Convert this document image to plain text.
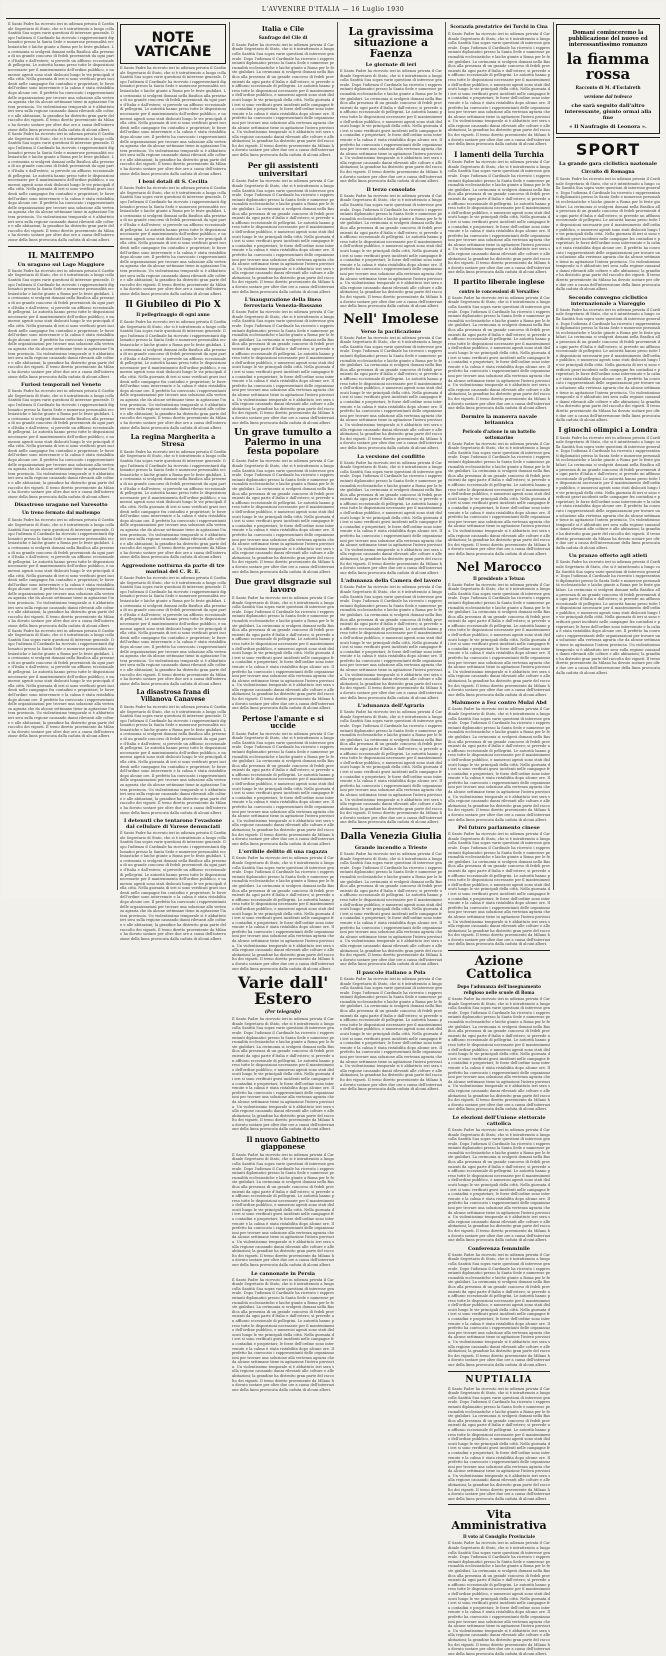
L'AVVENIRE D'ITALIA — 16 Luglio 1930
Il Santo Padre ha ricevuto ieri in udienza privata il Cardinale Segretario di Stato, che si è intrattenuto a lungo colla Santità Sua sopra varie questioni di interesse generale. Dopo l'udienza il Cardinale ha ricevuto i rappresentanti diplomatici presso la Santa Sede e numerose personalità ecclesiastiche e laiche giunte a Roma per le feste giubilari. La cerimonia si svolgerà domani nella Basilica alla presenza di un grande concorso di fedeli provenienti da ogni parte d'Italia e dall'estero; si prevede un afflusso eccezionale di pellegrini. Le autorità hanno preso tutte le disposizioni necessarie per il mantenimento dell'ordine pubblico, e numerosi agenti sono stati dislocati lungo le vie principali della città. Nella giornata di ieri si sono verificati gravi incidenti nelle campagne fra contadini e proprietari; le forze dell'ordine sono intervenute e la calma è stata ristabilita dopo alcune ore. Il prefetto ha convocato i rappresentanti delle organizzazioni per trovare una soluzione alla vertenza agraria che da alcune settimane tiene in agitazione l'intera provincia. Un violentissimo temporale si è abbattuto ieri sera sulla regione causando danni rilevanti alle colture e alle abitazioni; la grandine ha distrutto gran parte del raccolto dei vigneti. Il treno diretto proveniente da Milano ha dovuto sostare per oltre due ore a causa dell'interruzione della linea provocata dalla caduta di alcuni alberi.
Il Santo Padre ha ricevuto ieri in udienza privata il Cardinale Segretario di Stato, che si è intrattenuto a lungo colla Santità Sua sopra varie questioni di interesse generale. Dopo l'udienza il Cardinale ha ricevuto i rappresentanti diplomatici presso la Santa Sede e numerose personalità ecclesiastiche e laiche giunte a Roma per le feste giubilari. La cerimonia si svolgerà domani nella Basilica alla presenza di un grande concorso di fedeli provenienti da ogni parte d'Italia e dall'estero; si prevede un afflusso eccezionale di pellegrini. Le autorità hanno preso tutte le disposizioni necessarie per il mantenimento dell'ordine pubblico, e numerosi agenti sono stati dislocati lungo le vie principali della città. Nella giornata di ieri si sono verificati gravi incidenti nelle campagne fra contadini e proprietari; le forze dell'ordine sono intervenute e la calma è stata ristabilita dopo alcune ore. Il prefetto ha convocato i rappresentanti delle organizzazioni per trovare una soluzione alla vertenza agraria che da alcune settimane tiene in agitazione l'intera provincia. Un violentissimo temporale si è abbattuto ieri sera sulla regione causando danni rilevanti alle colture e alle abitazioni; la grandine ha distrutto gran parte del raccolto dei vigneti. Il treno diretto proveniente da Milano ha dovuto sostare per oltre due ore a causa dell'interruzione della linea provocata dalla caduta di alcuni alberi.
IL MALTEMPO
Un uragano sul Lago Maggiore
Il Santo Padre ha ricevuto ieri in udienza privata il Cardinale Segretario di Stato, che si è intrattenuto a lungo colla Santità Sua sopra varie questioni di interesse generale. Dopo l'udienza il Cardinale ha ricevuto i rappresentanti diplomatici presso la Santa Sede e numerose personalità ecclesiastiche e laiche giunte a Roma per le feste giubilari. La cerimonia si svolgerà domani nella Basilica alla presenza di un grande concorso di fedeli provenienti da ogni parte d'Italia e dall'estero; si prevede un afflusso eccezionale di pellegrini. Le autorità hanno preso tutte le disposizioni necessarie per il mantenimento dell'ordine pubblico, e numerosi agenti sono stati dislocati lungo le vie principali della città. Nella giornata di ieri si sono verificati gravi incidenti nelle campagne fra contadini e proprietari; le forze dell'ordine sono intervenute e la calma è stata ristabilita dopo alcune ore. Il prefetto ha convocato i rappresentanti delle organizzazioni per trovare una soluzione alla vertenza agraria che da alcune settimane tiene in agitazione l'intera provincia. Un violentissimo temporale si è abbattuto ieri sera sulla regione causando danni rilevanti alle colture e alle abitazioni; la grandine ha distrutto gran parte del raccolto dei vigneti. Il treno diretto proveniente da Milano ha dovuto sostare per oltre due ore a causa dell'interruzione della linea provocata dalla caduta di alcuni alberi.
Furiosi temporali nel Veneto
Il Santo Padre ha ricevuto ieri in udienza privata il Cardinale Segretario di Stato, che si è intrattenuto a lungo colla Santità Sua sopra varie questioni di interesse generale. Dopo l'udienza il Cardinale ha ricevuto i rappresentanti diplomatici presso la Santa Sede e numerose personalità ecclesiastiche e laiche giunte a Roma per le feste giubilari. La cerimonia si svolgerà domani nella Basilica alla presenza di un grande concorso di fedeli provenienti da ogni parte d'Italia e dall'estero; si prevede un afflusso eccezionale di pellegrini. Le autorità hanno preso tutte le disposizioni necessarie per il mantenimento dell'ordine pubblico, e numerosi agenti sono stati dislocati lungo le vie principali della città. Nella giornata di ieri si sono verificati gravi incidenti nelle campagne fra contadini e proprietari; le forze dell'ordine sono intervenute e la calma è stata ristabilita dopo alcune ore. Il prefetto ha convocato i rappresentanti delle organizzazioni per trovare una soluzione alla vertenza agraria che da alcune settimane tiene in agitazione l'intera provincia. Un violentissimo temporale si è abbattuto ieri sera sulla regione causando danni rilevanti alle colture e alle abitazioni; la grandine ha distrutto gran parte del raccolto dei vigneti. Il treno diretto proveniente da Milano ha dovuto sostare per oltre due ore a causa dell'interruzione della linea provocata dalla caduta di alcuni alberi.
Disastroso uragano nel Varesotto
Un treno fermato dal maltempo
Il Santo Padre ha ricevuto ieri in udienza privata il Cardinale Segretario di Stato, che si è intrattenuto a lungo colla Santità Sua sopra varie questioni di interesse generale. Dopo l'udienza il Cardinale ha ricevuto i rappresentanti diplomatici presso la Santa Sede e numerose personalità ecclesiastiche e laiche giunte a Roma per le feste giubilari. La cerimonia si svolgerà domani nella Basilica alla presenza di un grande concorso di fedeli provenienti da ogni parte d'Italia e dall'estero; si prevede un afflusso eccezionale di pellegrini. Le autorità hanno preso tutte le disposizioni necessarie per il mantenimento dell'ordine pubblico, e numerosi agenti sono stati dislocati lungo le vie principali della città. Nella giornata di ieri si sono verificati gravi incidenti nelle campagne fra contadini e proprietari; le forze dell'ordine sono intervenute e la calma è stata ristabilita dopo alcune ore. Il prefetto ha convocato i rappresentanti delle organizzazioni per trovare una soluzione alla vertenza agraria che da alcune settimane tiene in agitazione l'intera provincia. Un violentissimo temporale si è abbattuto ieri sera sulla regione causando danni rilevanti alle colture e alle abitazioni; la grandine ha distrutto gran parte del raccolto dei vigneti. Il treno diretto proveniente da Milano ha dovuto sostare per oltre due ore a causa dell'interruzione della linea provocata dalla caduta di alcuni alberi.
Il Santo Padre ha ricevuto ieri in udienza privata il Cardinale Segretario di Stato, che si è intrattenuto a lungo colla Santità Sua sopra varie questioni di interesse generale. Dopo l'udienza il Cardinale ha ricevuto i rappresentanti diplomatici presso la Santa Sede e numerose personalità ecclesiastiche e laiche giunte a Roma per le feste giubilari. La cerimonia si svolgerà domani nella Basilica alla presenza di un grande concorso di fedeli provenienti da ogni parte d'Italia e dall'estero; si prevede un afflusso eccezionale di pellegrini. Le autorità hanno preso tutte le disposizioni necessarie per il mantenimento dell'ordine pubblico, e numerosi agenti sono stati dislocati lungo le vie principali della città. Nella giornata di ieri si sono verificati gravi incidenti nelle campagne fra contadini e proprietari; le forze dell'ordine sono intervenute e la calma è stata ristabilita dopo alcune ore. Il prefetto ha convocato i rappresentanti delle organizzazioni per trovare una soluzione alla vertenza agraria che da alcune settimane tiene in agitazione l'intera provincia. Un violentissimo temporale si è abbattuto ieri sera sulla regione causando danni rilevanti alle colture e alle abitazioni; la grandine ha distrutto gran parte del raccolto dei vigneti. Il treno diretto proveniente da Milano ha dovuto sostare per oltre due ore a causa dell'interruzione della linea provocata dalla caduta di alcuni alberi.
NOTE VATICANE
Il Santo Padre ha ricevuto ieri in udienza privata il Cardinale Segretario di Stato, che si è intrattenuto a lungo colla Santità Sua sopra varie questioni di interesse generale. Dopo l'udienza il Cardinale ha ricevuto i rappresentanti diplomatici presso la Santa Sede e numerose personalità ecclesiastiche e laiche giunte a Roma per le feste giubilari. La cerimonia si svolgerà domani nella Basilica alla presenza di un grande concorso di fedeli provenienti da ogni parte d'Italia e dall'estero; si prevede un afflusso eccezionale di pellegrini. Le autorità hanno preso tutte le disposizioni necessarie per il mantenimento dell'ordine pubblico, e numerosi agenti sono stati dislocati lungo le vie principali della città. Nella giornata di ieri si sono verificati gravi incidenti nelle campagne fra contadini e proprietari; le forze dell'ordine sono intervenute e la calma è stata ristabilita dopo alcune ore. Il prefetto ha convocato i rappresentanti delle organizzazioni per trovare una soluzione alla vertenza agraria che da alcune settimane tiene in agitazione l'intera provincia. Un violentissimo temporale si è abbattuto ieri sera sulla regione causando danni rilevanti alle colture e alle abitazioni; la grandine ha distrutto gran parte del raccolto dei vigneti. Il treno diretto proveniente da Milano ha dovuto sostare per oltre due ore a causa dell'interruzione della linea provocata dalla caduta di alcuni alberi.
I beni dotali di S. Cecilia
Il Santo Padre ha ricevuto ieri in udienza privata il Cardinale Segretario di Stato, che si è intrattenuto a lungo colla Santità Sua sopra varie questioni di interesse generale. Dopo l'udienza il Cardinale ha ricevuto i rappresentanti diplomatici presso la Santa Sede e numerose personalità ecclesiastiche e laiche giunte a Roma per le feste giubilari. La cerimonia si svolgerà domani nella Basilica alla presenza di un grande concorso di fedeli provenienti da ogni parte d'Italia e dall'estero; si prevede un afflusso eccezionale di pellegrini. Le autorità hanno preso tutte le disposizioni necessarie per il mantenimento dell'ordine pubblico, e numerosi agenti sono stati dislocati lungo le vie principali della città. Nella giornata di ieri si sono verificati gravi incidenti nelle campagne fra contadini e proprietari; le forze dell'ordine sono intervenute e la calma è stata ristabilita dopo alcune ore. Il prefetto ha convocato i rappresentanti delle organizzazioni per trovare una soluzione alla vertenza agraria che da alcune settimane tiene in agitazione l'intera provincia. Un violentissimo temporale si è abbattuto ieri sera sulla regione causando danni rilevanti alle colture e alle abitazioni; la grandine ha distrutto gran parte del raccolto dei vigneti. Il treno diretto proveniente da Milano ha dovuto sostare per oltre due ore a causa dell'interruzione della linea provocata dalla caduta di alcuni alberi.
Il Giubileo di Pio X
Il pellegrinaggio di ogni anno
Il Santo Padre ha ricevuto ieri in udienza privata il Cardinale Segretario di Stato, che si è intrattenuto a lungo colla Santità Sua sopra varie questioni di interesse generale. Dopo l'udienza il Cardinale ha ricevuto i rappresentanti diplomatici presso la Santa Sede e numerose personalità ecclesiastiche e laiche giunte a Roma per le feste giubilari. La cerimonia si svolgerà domani nella Basilica alla presenza di un grande concorso di fedeli provenienti da ogni parte d'Italia e dall'estero; si prevede un afflusso eccezionale di pellegrini. Le autorità hanno preso tutte le disposizioni necessarie per il mantenimento dell'ordine pubblico, e numerosi agenti sono stati dislocati lungo le vie principali della città. Nella giornata di ieri si sono verificati gravi incidenti nelle campagne fra contadini e proprietari; le forze dell'ordine sono intervenute e la calma è stata ristabilita dopo alcune ore. Il prefetto ha convocato i rappresentanti delle organizzazioni per trovare una soluzione alla vertenza agraria che da alcune settimane tiene in agitazione l'intera provincia. Un violentissimo temporale si è abbattuto ieri sera sulla regione causando danni rilevanti alle colture e alle abitazioni; la grandine ha distrutto gran parte del raccolto dei vigneti. Il treno diretto proveniente da Milano ha dovuto sostare per oltre due ore a causa dell'interruzione della linea provocata dalla caduta di alcuni alberi.
La regina Margherita a Stresa
Il Santo Padre ha ricevuto ieri in udienza privata il Cardinale Segretario di Stato, che si è intrattenuto a lungo colla Santità Sua sopra varie questioni di interesse generale. Dopo l'udienza il Cardinale ha ricevuto i rappresentanti diplomatici presso la Santa Sede e numerose personalità ecclesiastiche e laiche giunte a Roma per le feste giubilari. La cerimonia si svolgerà domani nella Basilica alla presenza di un grande concorso di fedeli provenienti da ogni parte d'Italia e dall'estero; si prevede un afflusso eccezionale di pellegrini. Le autorità hanno preso tutte le disposizioni necessarie per il mantenimento dell'ordine pubblico, e numerosi agenti sono stati dislocati lungo le vie principali della città. Nella giornata di ieri si sono verificati gravi incidenti nelle campagne fra contadini e proprietari; le forze dell'ordine sono intervenute e la calma è stata ristabilita dopo alcune ore. Il prefetto ha convocato i rappresentanti delle organizzazioni per trovare una soluzione alla vertenza agraria che da alcune settimane tiene in agitazione l'intera provincia. Un violentissimo temporale si è abbattuto ieri sera sulla regione causando danni rilevanti alle colture e alle abitazioni; la grandine ha distrutto gran parte del raccolto dei vigneti. Il treno diretto proveniente da Milano ha dovuto sostare per oltre due ore a causa dell'interruzione della linea provocata dalla caduta di alcuni alberi.
Aggressione notturna da parte di tre marinai del C. R. E.
Il Santo Padre ha ricevuto ieri in udienza privata il Cardinale Segretario di Stato, che si è intrattenuto a lungo colla Santità Sua sopra varie questioni di interesse generale. Dopo l'udienza il Cardinale ha ricevuto i rappresentanti diplomatici presso la Santa Sede e numerose personalità ecclesiastiche e laiche giunte a Roma per le feste giubilari. La cerimonia si svolgerà domani nella Basilica alla presenza di un grande concorso di fedeli provenienti da ogni parte d'Italia e dall'estero; si prevede un afflusso eccezionale di pellegrini. Le autorità hanno preso tutte le disposizioni necessarie per il mantenimento dell'ordine pubblico, e numerosi agenti sono stati dislocati lungo le vie principali della città. Nella giornata di ieri si sono verificati gravi incidenti nelle campagne fra contadini e proprietari; le forze dell'ordine sono intervenute e la calma è stata ristabilita dopo alcune ore. Il prefetto ha convocato i rappresentanti delle organizzazioni per trovare una soluzione alla vertenza agraria che da alcune settimane tiene in agitazione l'intera provincia. Un violentissimo temporale si è abbattuto ieri sera sulla regione causando danni rilevanti alle colture e alle abitazioni; la grandine ha distrutto gran parte del raccolto dei vigneti. Il treno diretto proveniente da Milano ha dovuto sostare per oltre due ore a causa dell'interruzione della linea provocata dalla caduta di alcuni alberi.
La disastrosa frana di Villanova Canavese
Il Santo Padre ha ricevuto ieri in udienza privata il Cardinale Segretario di Stato, che si è intrattenuto a lungo colla Santità Sua sopra varie questioni di interesse generale. Dopo l'udienza il Cardinale ha ricevuto i rappresentanti diplomatici presso la Santa Sede e numerose personalità ecclesiastiche e laiche giunte a Roma per le feste giubilari. La cerimonia si svolgerà domani nella Basilica alla presenza di un grande concorso di fedeli provenienti da ogni parte d'Italia e dall'estero; si prevede un afflusso eccezionale di pellegrini. Le autorità hanno preso tutte le disposizioni necessarie per il mantenimento dell'ordine pubblico, e numerosi agenti sono stati dislocati lungo le vie principali della città. Nella giornata di ieri si sono verificati gravi incidenti nelle campagne fra contadini e proprietari; le forze dell'ordine sono intervenute e la calma è stata ristabilita dopo alcune ore. Il prefetto ha convocato i rappresentanti delle organizzazioni per trovare una soluzione alla vertenza agraria che da alcune settimane tiene in agitazione l'intera provincia. Un violentissimo temporale si è abbattuto ieri sera sulla regione causando danni rilevanti alle colture e alle abitazioni; la grandine ha distrutto gran parte del raccolto dei vigneti. Il treno diretto proveniente da Milano ha dovuto sostare per oltre due ore a causa dell'interruzione della linea provocata dalla caduta di alcuni alberi.
I detenuti che tentarono l'evasione dal cellulare di Varese denunciati
Il Santo Padre ha ricevuto ieri in udienza privata il Cardinale Segretario di Stato, che si è intrattenuto a lungo colla Santità Sua sopra varie questioni di interesse generale. Dopo l'udienza il Cardinale ha ricevuto i rappresentanti diplomatici presso la Santa Sede e numerose personalità ecclesiastiche e laiche giunte a Roma per le feste giubilari. La cerimonia si svolgerà domani nella Basilica alla presenza di un grande concorso di fedeli provenienti da ogni parte d'Italia e dall'estero; si prevede un afflusso eccezionale di pellegrini. Le autorità hanno preso tutte le disposizioni necessarie per il mantenimento dell'ordine pubblico, e numerosi agenti sono stati dislocati lungo le vie principali della città. Nella giornata di ieri si sono verificati gravi incidenti nelle campagne fra contadini e proprietari; le forze dell'ordine sono intervenute e la calma è stata ristabilita dopo alcune ore. Il prefetto ha convocato i rappresentanti delle organizzazioni per trovare una soluzione alla vertenza agraria che da alcune settimane tiene in agitazione l'intera provincia. Un violentissimo temporale si è abbattuto ieri sera sulla regione causando danni rilevanti alle colture e alle abitazioni; la grandine ha distrutto gran parte del raccolto dei vigneti. Il treno diretto proveniente da Milano ha dovuto sostare per oltre due ore a causa dell'interruzione della linea provocata dalla caduta di alcuni alberi.
Italia e Cile
Sanfrago del Cile di
Il Santo Padre ha ricevuto ieri in udienza privata il Cardinale Segretario di Stato, che si è intrattenuto a lungo colla Santità Sua sopra varie questioni di interesse generale. Dopo l'udienza il Cardinale ha ricevuto i rappresentanti diplomatici presso la Santa Sede e numerose personalità ecclesiastiche e laiche giunte a Roma per le feste giubilari. La cerimonia si svolgerà domani nella Basilica alla presenza di un grande concorso di fedeli provenienti da ogni parte d'Italia e dall'estero; si prevede un afflusso eccezionale di pellegrini. Le autorità hanno preso tutte le disposizioni necessarie per il mantenimento dell'ordine pubblico, e numerosi agenti sono stati dislocati lungo le vie principali della città. Nella giornata di ieri si sono verificati gravi incidenti nelle campagne fra contadini e proprietari; le forze dell'ordine sono intervenute e la calma è stata ristabilita dopo alcune ore. Il prefetto ha convocato i rappresentanti delle organizzazioni per trovare una soluzione alla vertenza agraria che da alcune settimane tiene in agitazione l'intera provincia. Un violentissimo temporale si è abbattuto ieri sera sulla regione causando danni rilevanti alle colture e alle abitazioni; la grandine ha distrutto gran parte del raccolto dei vigneti. Il treno diretto proveniente da Milano ha dovuto sostare per oltre due ore a causa dell'interruzione della linea provocata dalla caduta di alcuni alberi.
Per gli assistenti universitari
Il Santo Padre ha ricevuto ieri in udienza privata il Cardinale Segretario di Stato, che si è intrattenuto a lungo colla Santità Sua sopra varie questioni di interesse generale. Dopo l'udienza il Cardinale ha ricevuto i rappresentanti diplomatici presso la Santa Sede e numerose personalità ecclesiastiche e laiche giunte a Roma per le feste giubilari. La cerimonia si svolgerà domani nella Basilica alla presenza di un grande concorso di fedeli provenienti da ogni parte d'Italia e dall'estero; si prevede un afflusso eccezionale di pellegrini. Le autorità hanno preso tutte le disposizioni necessarie per il mantenimento dell'ordine pubblico, e numerosi agenti sono stati dislocati lungo le vie principali della città. Nella giornata di ieri si sono verificati gravi incidenti nelle campagne fra contadini e proprietari; le forze dell'ordine sono intervenute e la calma è stata ristabilita dopo alcune ore. Il prefetto ha convocato i rappresentanti delle organizzazioni per trovare una soluzione alla vertenza agraria che da alcune settimane tiene in agitazione l'intera provincia. Un violentissimo temporale si è abbattuto ieri sera sulla regione causando danni rilevanti alle colture e alle abitazioni; la grandine ha distrutto gran parte del raccolto dei vigneti. Il treno diretto proveniente da Milano ha dovuto sostare per oltre due ore a causa dell'interruzione della linea provocata dalla caduta di alcuni alberi.
L'inaugurazione della linea ferroviaria Venezia-Bassano
Il Santo Padre ha ricevuto ieri in udienza privata il Cardinale Segretario di Stato, che si è intrattenuto a lungo colla Santità Sua sopra varie questioni di interesse generale. Dopo l'udienza il Cardinale ha ricevuto i rappresentanti diplomatici presso la Santa Sede e numerose personalità ecclesiastiche e laiche giunte a Roma per le feste giubilari. La cerimonia si svolgerà domani nella Basilica alla presenza di un grande concorso di fedeli provenienti da ogni parte d'Italia e dall'estero; si prevede un afflusso eccezionale di pellegrini. Le autorità hanno preso tutte le disposizioni necessarie per il mantenimento dell'ordine pubblico, e numerosi agenti sono stati dislocati lungo le vie principali della città. Nella giornata di ieri si sono verificati gravi incidenti nelle campagne fra contadini e proprietari; le forze dell'ordine sono intervenute e la calma è stata ristabilita dopo alcune ore. Il prefetto ha convocato i rappresentanti delle organizzazioni per trovare una soluzione alla vertenza agraria che da alcune settimane tiene in agitazione l'intera provincia. Un violentissimo temporale si è abbattuto ieri sera sulla regione causando danni rilevanti alle colture e alle abitazioni; la grandine ha distrutto gran parte del raccolto dei vigneti. Il treno diretto proveniente da Milano ha dovuto sostare per oltre due ore a causa dell'interruzione della linea provocata dalla caduta di alcuni alberi.
Un grave tumulto a Palermo in una festa popolare
Il Santo Padre ha ricevuto ieri in udienza privata il Cardinale Segretario di Stato, che si è intrattenuto a lungo colla Santità Sua sopra varie questioni di interesse generale. Dopo l'udienza il Cardinale ha ricevuto i rappresentanti diplomatici presso la Santa Sede e numerose personalità ecclesiastiche e laiche giunte a Roma per le feste giubilari. La cerimonia si svolgerà domani nella Basilica alla presenza di un grande concorso di fedeli provenienti da ogni parte d'Italia e dall'estero; si prevede un afflusso eccezionale di pellegrini. Le autorità hanno preso tutte le disposizioni necessarie per il mantenimento dell'ordine pubblico, e numerosi agenti sono stati dislocati lungo le vie principali della città. Nella giornata di ieri si sono verificati gravi incidenti nelle campagne fra contadini e proprietari; le forze dell'ordine sono intervenute e la calma è stata ristabilita dopo alcune ore. Il prefetto ha convocato i rappresentanti delle organizzazioni per trovare una soluzione alla vertenza agraria che da alcune settimane tiene in agitazione l'intera provincia. Un violentissimo temporale si è abbattuto ieri sera sulla regione causando danni rilevanti alle colture e alle abitazioni; la grandine ha distrutto gran parte del raccolto dei vigneti. Il treno diretto proveniente da Milano ha dovuto sostare per oltre due ore a causa dell'interruzione della linea provocata dalla caduta di alcuni alberi.
Due gravi disgrazie sul lavoro
Il Santo Padre ha ricevuto ieri in udienza privata il Cardinale Segretario di Stato, che si è intrattenuto a lungo colla Santità Sua sopra varie questioni di interesse generale. Dopo l'udienza il Cardinale ha ricevuto i rappresentanti diplomatici presso la Santa Sede e numerose personalità ecclesiastiche e laiche giunte a Roma per le feste giubilari. La cerimonia si svolgerà domani nella Basilica alla presenza di un grande concorso di fedeli provenienti da ogni parte d'Italia e dall'estero; si prevede un afflusso eccezionale di pellegrini. Le autorità hanno preso tutte le disposizioni necessarie per il mantenimento dell'ordine pubblico, e numerosi agenti sono stati dislocati lungo le vie principali della città. Nella giornata di ieri si sono verificati gravi incidenti nelle campagne fra contadini e proprietari; le forze dell'ordine sono intervenute e la calma è stata ristabilita dopo alcune ore. Il prefetto ha convocato i rappresentanti delle organizzazioni per trovare una soluzione alla vertenza agraria che da alcune settimane tiene in agitazione l'intera provincia. Un violentissimo temporale si è abbattuto ieri sera sulla regione causando danni rilevanti alle colture e alle abitazioni; la grandine ha distrutto gran parte del raccolto dei vigneti. Il treno diretto proveniente da Milano ha dovuto sostare per oltre due ore a causa dell'interruzione della linea provocata dalla caduta di alcuni alberi.
Pertose l'amante e si uccide
Il Santo Padre ha ricevuto ieri in udienza privata il Cardinale Segretario di Stato, che si è intrattenuto a lungo colla Santità Sua sopra varie questioni di interesse generale. Dopo l'udienza il Cardinale ha ricevuto i rappresentanti diplomatici presso la Santa Sede e numerose personalità ecclesiastiche e laiche giunte a Roma per le feste giubilari. La cerimonia si svolgerà domani nella Basilica alla presenza di un grande concorso di fedeli provenienti da ogni parte d'Italia e dall'estero; si prevede un afflusso eccezionale di pellegrini. Le autorità hanno preso tutte le disposizioni necessarie per il mantenimento dell'ordine pubblico, e numerosi agenti sono stati dislocati lungo le vie principali della città. Nella giornata di ieri si sono verificati gravi incidenti nelle campagne fra contadini e proprietari; le forze dell'ordine sono intervenute e la calma è stata ristabilita dopo alcune ore. Il prefetto ha convocato i rappresentanti delle organizzazioni per trovare una soluzione alla vertenza agraria che da alcune settimane tiene in agitazione l'intera provincia. Un violentissimo temporale si è abbattuto ieri sera sulla regione causando danni rilevanti alle colture e alle abitazioni; la grandine ha distrutto gran parte del raccolto dei vigneti. Il treno diretto proveniente da Milano ha dovuto sostare per oltre due ore a causa dell'interruzione della linea provocata dalla caduta di alcuni alberi.
L'orribile delitto di una ragazza
Il Santo Padre ha ricevuto ieri in udienza privata il Cardinale Segretario di Stato, che si è intrattenuto a lungo colla Santità Sua sopra varie questioni di interesse generale. Dopo l'udienza il Cardinale ha ricevuto i rappresentanti diplomatici presso la Santa Sede e numerose personalità ecclesiastiche e laiche giunte a Roma per le feste giubilari. La cerimonia si svolgerà domani nella Basilica alla presenza di un grande concorso di fedeli provenienti da ogni parte d'Italia e dall'estero; si prevede un afflusso eccezionale di pellegrini. Le autorità hanno preso tutte le disposizioni necessarie per il mantenimento dell'ordine pubblico, e numerosi agenti sono stati dislocati lungo le vie principali della città. Nella giornata di ieri si sono verificati gravi incidenti nelle campagne fra contadini e proprietari; le forze dell'ordine sono intervenute e la calma è stata ristabilita dopo alcune ore. Il prefetto ha convocato i rappresentanti delle organizzazioni per trovare una soluzione alla vertenza agraria che da alcune settimane tiene in agitazione l'intera provincia. Un violentissimo temporale si è abbattuto ieri sera sulla regione causando danni rilevanti alle colture e alle abitazioni; la grandine ha distrutto gran parte del raccolto dei vigneti. Il treno diretto proveniente da Milano ha dovuto sostare per oltre due ore a causa dell'interruzione della linea provocata dalla caduta di alcuni alberi.
Varie dall' Estero
(Per telegrafo)
Il Santo Padre ha ricevuto ieri in udienza privata il Cardinale Segretario di Stato, che si è intrattenuto a lungo colla Santità Sua sopra varie questioni di interesse generale. Dopo l'udienza il Cardinale ha ricevuto i rappresentanti diplomatici presso la Santa Sede e numerose personalità ecclesiastiche e laiche giunte a Roma per le feste giubilari. La cerimonia si svolgerà domani nella Basilica alla presenza di un grande concorso di fedeli provenienti da ogni parte d'Italia e dall'estero; si prevede un afflusso eccezionale di pellegrini. Le autorità hanno preso tutte le disposizioni necessarie per il mantenimento dell'ordine pubblico, e numerosi agenti sono stati dislocati lungo le vie principali della città. Nella giornata di ieri si sono verificati gravi incidenti nelle campagne fra contadini e proprietari; le forze dell'ordine sono intervenute e la calma è stata ristabilita dopo alcune ore. Il prefetto ha convocato i rappresentanti delle organizzazioni per trovare una soluzione alla vertenza agraria che da alcune settimane tiene in agitazione l'intera provincia. Un violentissimo temporale si è abbattuto ieri sera sulla regione causando danni rilevanti alle colture e alle abitazioni; la grandine ha distrutto gran parte del raccolto dei vigneti. Il treno diretto proveniente da Milano ha dovuto sostare per oltre due ore a causa dell'interruzione della linea provocata dalla caduta di alcuni alberi.
Il nuovo Gabinetto giapponese
Il Santo Padre ha ricevuto ieri in udienza privata il Cardinale Segretario di Stato, che si è intrattenuto a lungo colla Santità Sua sopra varie questioni di interesse generale. Dopo l'udienza il Cardinale ha ricevuto i rappresentanti diplomatici presso la Santa Sede e numerose personalità ecclesiastiche e laiche giunte a Roma per le feste giubilari. La cerimonia si svolgerà domani nella Basilica alla presenza di un grande concorso di fedeli provenienti da ogni parte d'Italia e dall'estero; si prevede un afflusso eccezionale di pellegrini. Le autorità hanno preso tutte le disposizioni necessarie per il mantenimento dell'ordine pubblico, e numerosi agenti sono stati dislocati lungo le vie principali della città. Nella giornata di ieri si sono verificati gravi incidenti nelle campagne fra contadini e proprietari; le forze dell'ordine sono intervenute e la calma è stata ristabilita dopo alcune ore. Il prefetto ha convocato i rappresentanti delle organizzazioni per trovare una soluzione alla vertenza agraria che da alcune settimane tiene in agitazione l'intera provincia. Un violentissimo temporale si è abbattuto ieri sera sulla regione causando danni rilevanti alle colture e alle abitazioni; la grandine ha distrutto gran parte del raccolto dei vigneti. Il treno diretto proveniente da Milano ha dovuto sostare per oltre due ore a causa dell'interruzione della linea provocata dalla caduta di alcuni alberi.
Le cannonate in Persia
Il Santo Padre ha ricevuto ieri in udienza privata il Cardinale Segretario di Stato, che si è intrattenuto a lungo colla Santità Sua sopra varie questioni di interesse generale. Dopo l'udienza il Cardinale ha ricevuto i rappresentanti diplomatici presso la Santa Sede e numerose personalità ecclesiastiche e laiche giunte a Roma per le feste giubilari. La cerimonia si svolgerà domani nella Basilica alla presenza di un grande concorso di fedeli provenienti da ogni parte d'Italia e dall'estero; si prevede un afflusso eccezionale di pellegrini. Le autorità hanno preso tutte le disposizioni necessarie per il mantenimento dell'ordine pubblico, e numerosi agenti sono stati dislocati lungo le vie principali della città. Nella giornata di ieri si sono verificati gravi incidenti nelle campagne fra contadini e proprietari; le forze dell'ordine sono intervenute e la calma è stata ristabilita dopo alcune ore. Il prefetto ha convocato i rappresentanti delle organizzazioni per trovare una soluzione alla vertenza agraria che da alcune settimane tiene in agitazione l'intera provincia. Un violentissimo temporale si è abbattuto ieri sera sulla regione causando danni rilevanti alle colture e alle abitazioni; la grandine ha distrutto gran parte del raccolto dei vigneti. Il treno diretto proveniente da Milano ha dovuto sostare per oltre due ore a causa dell'interruzione della linea provocata dalla caduta di alcuni alberi.
La gravissima situazione a Faenza
Le giornate di ieri
Il Santo Padre ha ricevuto ieri in udienza privata il Cardinale Segretario di Stato, che si è intrattenuto a lungo colla Santità Sua sopra varie questioni di interesse generale. Dopo l'udienza il Cardinale ha ricevuto i rappresentanti diplomatici presso la Santa Sede e numerose personalità ecclesiastiche e laiche giunte a Roma per le feste giubilari. La cerimonia si svolgerà domani nella Basilica alla presenza di un grande concorso di fedeli provenienti da ogni parte d'Italia e dall'estero; si prevede un afflusso eccezionale di pellegrini. Le autorità hanno preso tutte le disposizioni necessarie per il mantenimento dell'ordine pubblico, e numerosi agenti sono stati dislocati lungo le vie principali della città. Nella giornata di ieri si sono verificati gravi incidenti nelle campagne fra contadini e proprietari; le forze dell'ordine sono intervenute e la calma è stata ristabilita dopo alcune ore. Il prefetto ha convocato i rappresentanti delle organizzazioni per trovare una soluzione alla vertenza agraria che da alcune settimane tiene in agitazione l'intera provincia. Un violentissimo temporale si è abbattuto ieri sera sulla regione causando danni rilevanti alle colture e alle abitazioni; la grandine ha distrutto gran parte del raccolto dei vigneti. Il treno diretto proveniente da Milano ha dovuto sostare per oltre due ore a causa dell'interruzione della linea provocata dalla caduta di alcuni alberi.
Il terzo consolato
Il Santo Padre ha ricevuto ieri in udienza privata il Cardinale Segretario di Stato, che si è intrattenuto a lungo colla Santità Sua sopra varie questioni di interesse generale. Dopo l'udienza il Cardinale ha ricevuto i rappresentanti diplomatici presso la Santa Sede e numerose personalità ecclesiastiche e laiche giunte a Roma per le feste giubilari. La cerimonia si svolgerà domani nella Basilica alla presenza di un grande concorso di fedeli provenienti da ogni parte d'Italia e dall'estero; si prevede un afflusso eccezionale di pellegrini. Le autorità hanno preso tutte le disposizioni necessarie per il mantenimento dell'ordine pubblico, e numerosi agenti sono stati dislocati lungo le vie principali della città. Nella giornata di ieri si sono verificati gravi incidenti nelle campagne fra contadini e proprietari; le forze dell'ordine sono intervenute e la calma è stata ristabilita dopo alcune ore. Il prefetto ha convocato i rappresentanti delle organizzazioni per trovare una soluzione alla vertenza agraria che da alcune settimane tiene in agitazione l'intera provincia. Un violentissimo temporale si è abbattuto ieri sera sulla regione causando danni rilevanti alle colture e alle abitazioni; la grandine ha distrutto gran parte del raccolto dei vigneti. Il treno diretto proveniente da Milano ha dovuto sostare per oltre due ore a causa dell'interruzione della linea provocata dalla caduta di alcuni alberi.
Nell' Imolese
Verso la pacificazione
Il Santo Padre ha ricevuto ieri in udienza privata il Cardinale Segretario di Stato, che si è intrattenuto a lungo colla Santità Sua sopra varie questioni di interesse generale. Dopo l'udienza il Cardinale ha ricevuto i rappresentanti diplomatici presso la Santa Sede e numerose personalità ecclesiastiche e laiche giunte a Roma per le feste giubilari. La cerimonia si svolgerà domani nella Basilica alla presenza di un grande concorso di fedeli provenienti da ogni parte d'Italia e dall'estero; si prevede un afflusso eccezionale di pellegrini. Le autorità hanno preso tutte le disposizioni necessarie per il mantenimento dell'ordine pubblico, e numerosi agenti sono stati dislocati lungo le vie principali della città. Nella giornata di ieri si sono verificati gravi incidenti nelle campagne fra contadini e proprietari; le forze dell'ordine sono intervenute e la calma è stata ristabilita dopo alcune ore. Il prefetto ha convocato i rappresentanti delle organizzazioni per trovare una soluzione alla vertenza agraria che da alcune settimane tiene in agitazione l'intera provincia. Un violentissimo temporale si è abbattuto ieri sera sulla regione causando danni rilevanti alle colture e alle abitazioni; la grandine ha distrutto gran parte del raccolto dei vigneti. Il treno diretto proveniente da Milano ha dovuto sostare per oltre due ore a causa dell'interruzione della linea provocata dalla caduta di alcuni alberi.
La versione del conflitto
Il Santo Padre ha ricevuto ieri in udienza privata il Cardinale Segretario di Stato, che si è intrattenuto a lungo colla Santità Sua sopra varie questioni di interesse generale. Dopo l'udienza il Cardinale ha ricevuto i rappresentanti diplomatici presso la Santa Sede e numerose personalità ecclesiastiche e laiche giunte a Roma per le feste giubilari. La cerimonia si svolgerà domani nella Basilica alla presenza di un grande concorso di fedeli provenienti da ogni parte d'Italia e dall'estero; si prevede un afflusso eccezionale di pellegrini. Le autorità hanno preso tutte le disposizioni necessarie per il mantenimento dell'ordine pubblico, e numerosi agenti sono stati dislocati lungo le vie principali della città. Nella giornata di ieri si sono verificati gravi incidenti nelle campagne fra contadini e proprietari; le forze dell'ordine sono intervenute e la calma è stata ristabilita dopo alcune ore. Il prefetto ha convocato i rappresentanti delle organizzazioni per trovare una soluzione alla vertenza agraria che da alcune settimane tiene in agitazione l'intera provincia. Un violentissimo temporale si è abbattuto ieri sera sulla regione causando danni rilevanti alle colture e alle abitazioni; la grandine ha distrutto gran parte del raccolto dei vigneti. Il treno diretto proveniente da Milano ha dovuto sostare per oltre due ore a causa dell'interruzione della linea provocata dalla caduta di alcuni alberi.
L'adunanza della Camera del lavoro
Il Santo Padre ha ricevuto ieri in udienza privata il Cardinale Segretario di Stato, che si è intrattenuto a lungo colla Santità Sua sopra varie questioni di interesse generale. Dopo l'udienza il Cardinale ha ricevuto i rappresentanti diplomatici presso la Santa Sede e numerose personalità ecclesiastiche e laiche giunte a Roma per le feste giubilari. La cerimonia si svolgerà domani nella Basilica alla presenza di un grande concorso di fedeli provenienti da ogni parte d'Italia e dall'estero; si prevede un afflusso eccezionale di pellegrini. Le autorità hanno preso tutte le disposizioni necessarie per il mantenimento dell'ordine pubblico, e numerosi agenti sono stati dislocati lungo le vie principali della città. Nella giornata di ieri si sono verificati gravi incidenti nelle campagne fra contadini e proprietari; le forze dell'ordine sono intervenute e la calma è stata ristabilita dopo alcune ore. Il prefetto ha convocato i rappresentanti delle organizzazioni per trovare una soluzione alla vertenza agraria che da alcune settimane tiene in agitazione l'intera provincia. Un violentissimo temporale si è abbattuto ieri sera sulla regione causando danni rilevanti alle colture e alle abitazioni; la grandine ha distrutto gran parte del raccolto dei vigneti. Il treno diretto proveniente da Milano ha dovuto sostare per oltre due ore a causa dell'interruzione della linea provocata dalla caduta di alcuni alberi.
L'adunanza dell'Agraria
Il Santo Padre ha ricevuto ieri in udienza privata il Cardinale Segretario di Stato, che si è intrattenuto a lungo colla Santità Sua sopra varie questioni di interesse generale. Dopo l'udienza il Cardinale ha ricevuto i rappresentanti diplomatici presso la Santa Sede e numerose personalità ecclesiastiche e laiche giunte a Roma per le feste giubilari. La cerimonia si svolgerà domani nella Basilica alla presenza di un grande concorso di fedeli provenienti da ogni parte d'Italia e dall'estero; si prevede un afflusso eccezionale di pellegrini. Le autorità hanno preso tutte le disposizioni necessarie per il mantenimento dell'ordine pubblico, e numerosi agenti sono stati dislocati lungo le vie principali della città. Nella giornata di ieri si sono verificati gravi incidenti nelle campagne fra contadini e proprietari; le forze dell'ordine sono intervenute e la calma è stata ristabilita dopo alcune ore. Il prefetto ha convocato i rappresentanti delle organizzazioni per trovare una soluzione alla vertenza agraria che da alcune settimane tiene in agitazione l'intera provincia. Un violentissimo temporale si è abbattuto ieri sera sulla regione causando danni rilevanti alle colture e alle abitazioni; la grandine ha distrutto gran parte del raccolto dei vigneti. Il treno diretto proveniente da Milano ha dovuto sostare per oltre due ore a causa dell'interruzione della linea provocata dalla caduta di alcuni alberi.
Dalla Venezia Giulia
Grande incendio a Trieste
Il Santo Padre ha ricevuto ieri in udienza privata il Cardinale Segretario di Stato, che si è intrattenuto a lungo colla Santità Sua sopra varie questioni di interesse generale. Dopo l'udienza il Cardinale ha ricevuto i rappresentanti diplomatici presso la Santa Sede e numerose personalità ecclesiastiche e laiche giunte a Roma per le feste giubilari. La cerimonia si svolgerà domani nella Basilica alla presenza di un grande concorso di fedeli provenienti da ogni parte d'Italia e dall'estero; si prevede un afflusso eccezionale di pellegrini. Le autorità hanno preso tutte le disposizioni necessarie per il mantenimento dell'ordine pubblico, e numerosi agenti sono stati dislocati lungo le vie principali della città. Nella giornata di ieri si sono verificati gravi incidenti nelle campagne fra contadini e proprietari; le forze dell'ordine sono intervenute e la calma è stata ristabilita dopo alcune ore. Il prefetto ha convocato i rappresentanti delle organizzazioni per trovare una soluzione alla vertenza agraria che da alcune settimane tiene in agitazione l'intera provincia. Un violentissimo temporale si è abbattuto ieri sera sulla regione causando danni rilevanti alle colture e alle abitazioni; la grandine ha distrutto gran parte del raccolto dei vigneti. Il treno diretto proveniente da Milano ha dovuto sostare per oltre due ore a causa dell'interruzione della linea provocata dalla caduta di alcuni alberi.
Il pascolo italiano a Pola
Il Santo Padre ha ricevuto ieri in udienza privata il Cardinale Segretario di Stato, che si è intrattenuto a lungo colla Santità Sua sopra varie questioni di interesse generale. Dopo l'udienza il Cardinale ha ricevuto i rappresentanti diplomatici presso la Santa Sede e numerose personalità ecclesiastiche e laiche giunte a Roma per le feste giubilari. La cerimonia si svolgerà domani nella Basilica alla presenza di un grande concorso di fedeli provenienti da ogni parte d'Italia e dall'estero; si prevede un afflusso eccezionale di pellegrini. Le autorità hanno preso tutte le disposizioni necessarie per il mantenimento dell'ordine pubblico, e numerosi agenti sono stati dislocati lungo le vie principali della città. Nella giornata di ieri si sono verificati gravi incidenti nelle campagne fra contadini e proprietari; le forze dell'ordine sono intervenute e la calma è stata ristabilita dopo alcune ore. Il prefetto ha convocato i rappresentanti delle organizzazioni per trovare una soluzione alla vertenza agraria che da alcune settimane tiene in agitazione l'intera provincia. Un violentissimo temporale si è abbattuto ieri sera sulla regione causando danni rilevanti alle colture e alle abitazioni; la grandine ha distrutto gran parte del raccolto dei vigneti. Il treno diretto proveniente da Milano ha dovuto sostare per oltre due ore a causa dell'interruzione della linea provocata dalla caduta di alcuni alberi.
Scorazzia prestatrice dei Turchi in Cina
Il Santo Padre ha ricevuto ieri in udienza privata il Cardinale Segretario di Stato, che si è intrattenuto a lungo colla Santità Sua sopra varie questioni di interesse generale. Dopo l'udienza il Cardinale ha ricevuto i rappresentanti diplomatici presso la Santa Sede e numerose personalità ecclesiastiche e laiche giunte a Roma per le feste giubilari. La cerimonia si svolgerà domani nella Basilica alla presenza di un grande concorso di fedeli provenienti da ogni parte d'Italia e dall'estero; si prevede un afflusso eccezionale di pellegrini. Le autorità hanno preso tutte le disposizioni necessarie per il mantenimento dell'ordine pubblico, e numerosi agenti sono stati dislocati lungo le vie principali della città. Nella giornata di ieri si sono verificati gravi incidenti nelle campagne fra contadini e proprietari; le forze dell'ordine sono intervenute e la calma è stata ristabilita dopo alcune ore. Il prefetto ha convocato i rappresentanti delle organizzazioni per trovare una soluzione alla vertenza agraria che da alcune settimane tiene in agitazione l'intera provincia. Un violentissimo temporale si è abbattuto ieri sera sulla regione causando danni rilevanti alle colture e alle abitazioni; la grandine ha distrutto gran parte del raccolto dei vigneti. Il treno diretto proveniente da Milano ha dovuto sostare per oltre due ore a causa dell'interruzione della linea provocata dalla caduta di alcuni alberi.
I lamenti della Turchia
Il Santo Padre ha ricevuto ieri in udienza privata il Cardinale Segretario di Stato, che si è intrattenuto a lungo colla Santità Sua sopra varie questioni di interesse generale. Dopo l'udienza il Cardinale ha ricevuto i rappresentanti diplomatici presso la Santa Sede e numerose personalità ecclesiastiche e laiche giunte a Roma per le feste giubilari. La cerimonia si svolgerà domani nella Basilica alla presenza di un grande concorso di fedeli provenienti da ogni parte d'Italia e dall'estero; si prevede un afflusso eccezionale di pellegrini. Le autorità hanno preso tutte le disposizioni necessarie per il mantenimento dell'ordine pubblico, e numerosi agenti sono stati dislocati lungo le vie principali della città. Nella giornata di ieri si sono verificati gravi incidenti nelle campagne fra contadini e proprietari; le forze dell'ordine sono intervenute e la calma è stata ristabilita dopo alcune ore. Il prefetto ha convocato i rappresentanti delle organizzazioni per trovare una soluzione alla vertenza agraria che da alcune settimane tiene in agitazione l'intera provincia. Un violentissimo temporale si è abbattuto ieri sera sulla regione causando danni rilevanti alle colture e alle abitazioni; la grandine ha distrutto gran parte del raccolto dei vigneti. Il treno diretto proveniente da Milano ha dovuto sostare per oltre due ore a causa dell'interruzione della linea provocata dalla caduta di alcuni alberi.
Il partito liberale inglese
contro le concessioni di Versailles
Il Santo Padre ha ricevuto ieri in udienza privata il Cardinale Segretario di Stato, che si è intrattenuto a lungo colla Santità Sua sopra varie questioni di interesse generale. Dopo l'udienza il Cardinale ha ricevuto i rappresentanti diplomatici presso la Santa Sede e numerose personalità ecclesiastiche e laiche giunte a Roma per le feste giubilari. La cerimonia si svolgerà domani nella Basilica alla presenza di un grande concorso di fedeli provenienti da ogni parte d'Italia e dall'estero; si prevede un afflusso eccezionale di pellegrini. Le autorità hanno preso tutte le disposizioni necessarie per il mantenimento dell'ordine pubblico, e numerosi agenti sono stati dislocati lungo le vie principali della città. Nella giornata di ieri si sono verificati gravi incidenti nelle campagne fra contadini e proprietari; le forze dell'ordine sono intervenute e la calma è stata ristabilita dopo alcune ore. Il prefetto ha convocato i rappresentanti delle organizzazioni per trovare una soluzione alla vertenza agraria che da alcune settimane tiene in agitazione l'intera provincia. Un violentissimo temporale si è abbattuto ieri sera sulla regione causando danni rilevanti alle colture e alle abitazioni; la grandine ha distrutto gran parte del raccolto dei vigneti. Il treno diretto proveniente da Milano ha dovuto sostare per oltre due ore a causa dell'interruzione della linea provocata dalla caduta di alcuni alberi.
Dormire la manovra navale britannica
Pericolo d'azione in un battello sottomarino
Il Santo Padre ha ricevuto ieri in udienza privata il Cardinale Segretario di Stato, che si è intrattenuto a lungo colla Santità Sua sopra varie questioni di interesse generale. Dopo l'udienza il Cardinale ha ricevuto i rappresentanti diplomatici presso la Santa Sede e numerose personalità ecclesiastiche e laiche giunte a Roma per le feste giubilari. La cerimonia si svolgerà domani nella Basilica alla presenza di un grande concorso di fedeli provenienti da ogni parte d'Italia e dall'estero; si prevede un afflusso eccezionale di pellegrini. Le autorità hanno preso tutte le disposizioni necessarie per il mantenimento dell'ordine pubblico, e numerosi agenti sono stati dislocati lungo le vie principali della città. Nella giornata di ieri si sono verificati gravi incidenti nelle campagne fra contadini e proprietari; le forze dell'ordine sono intervenute e la calma è stata ristabilita dopo alcune ore. Il prefetto ha convocato i rappresentanti delle organizzazioni per trovare una soluzione alla vertenza agraria che da alcune settimane tiene in agitazione l'intera provincia. Un violentissimo temporale si è abbattuto ieri sera sulla regione causando danni rilevanti alle colture e alle abitazioni; la grandine ha distrutto gran parte del raccolto dei vigneti. Il treno diretto proveniente da Milano ha dovuto sostare per oltre due ore a causa dell'interruzione della linea provocata dalla caduta di alcuni alberi.
Nel Marocco
Il presidente a Tetuan
Il Santo Padre ha ricevuto ieri in udienza privata il Cardinale Segretario di Stato, che si è intrattenuto a lungo colla Santità Sua sopra varie questioni di interesse generale. Dopo l'udienza il Cardinale ha ricevuto i rappresentanti diplomatici presso la Santa Sede e numerose personalità ecclesiastiche e laiche giunte a Roma per le feste giubilari. La cerimonia si svolgerà domani nella Basilica alla presenza di un grande concorso di fedeli provenienti da ogni parte d'Italia e dall'estero; si prevede un afflusso eccezionale di pellegrini. Le autorità hanno preso tutte le disposizioni necessarie per il mantenimento dell'ordine pubblico, e numerosi agenti sono stati dislocati lungo le vie principali della città. Nella giornata di ieri si sono verificati gravi incidenti nelle campagne fra contadini e proprietari; le forze dell'ordine sono intervenute e la calma è stata ristabilita dopo alcune ore. Il prefetto ha convocato i rappresentanti delle organizzazioni per trovare una soluzione alla vertenza agraria che da alcune settimane tiene in agitazione l'intera provincia. Un violentissimo temporale si è abbattuto ieri sera sulla regione causando danni rilevanti alle colture e alle abitazioni; la grandine ha distrutto gran parte del raccolto dei vigneti. Il treno diretto proveniente da Milano ha dovuto sostare per oltre due ore a causa dell'interruzione della linea provocata dalla caduta di alcuni alberi.
Malumore a Fez contro Mulai Abd
Il Santo Padre ha ricevuto ieri in udienza privata il Cardinale Segretario di Stato, che si è intrattenuto a lungo colla Santità Sua sopra varie questioni di interesse generale. Dopo l'udienza il Cardinale ha ricevuto i rappresentanti diplomatici presso la Santa Sede e numerose personalità ecclesiastiche e laiche giunte a Roma per le feste giubilari. La cerimonia si svolgerà domani nella Basilica alla presenza di un grande concorso di fedeli provenienti da ogni parte d'Italia e dall'estero; si prevede un afflusso eccezionale di pellegrini. Le autorità hanno preso tutte le disposizioni necessarie per il mantenimento dell'ordine pubblico, e numerosi agenti sono stati dislocati lungo le vie principali della città. Nella giornata di ieri si sono verificati gravi incidenti nelle campagne fra contadini e proprietari; le forze dell'ordine sono intervenute e la calma è stata ristabilita dopo alcune ore. Il prefetto ha convocato i rappresentanti delle organizzazioni per trovare una soluzione alla vertenza agraria che da alcune settimane tiene in agitazione l'intera provincia. Un violentissimo temporale si è abbattuto ieri sera sulla regione causando danni rilevanti alle colture e alle abitazioni; la grandine ha distrutto gran parte del raccolto dei vigneti. Il treno diretto proveniente da Milano ha dovuto sostare per oltre due ore a causa dell'interruzione della linea provocata dalla caduta di alcuni alberi.
Pel futuro parlamento cinese
Il Santo Padre ha ricevuto ieri in udienza privata il Cardinale Segretario di Stato, che si è intrattenuto a lungo colla Santità Sua sopra varie questioni di interesse generale. Dopo l'udienza il Cardinale ha ricevuto i rappresentanti diplomatici presso la Santa Sede e numerose personalità ecclesiastiche e laiche giunte a Roma per le feste giubilari. La cerimonia si svolgerà domani nella Basilica alla presenza di un grande concorso di fedeli provenienti da ogni parte d'Italia e dall'estero; si prevede un afflusso eccezionale di pellegrini. Le autorità hanno preso tutte le disposizioni necessarie per il mantenimento dell'ordine pubblico, e numerosi agenti sono stati dislocati lungo le vie principali della città. Nella giornata di ieri si sono verificati gravi incidenti nelle campagne fra contadini e proprietari; le forze dell'ordine sono intervenute e la calma è stata ristabilita dopo alcune ore. Il prefetto ha convocato i rappresentanti delle organizzazioni per trovare una soluzione alla vertenza agraria che da alcune settimane tiene in agitazione l'intera provincia. Un violentissimo temporale si è abbattuto ieri sera sulla regione causando danni rilevanti alle colture e alle abitazioni; la grandine ha distrutto gran parte del raccolto dei vigneti. Il treno diretto proveniente da Milano ha dovuto sostare per oltre due ore a causa dell'interruzione della linea provocata dalla caduta di alcuni alberi.
Azione Cattolica
Dopo l'adunanza dell'insegnamento religioso nelle scuole di Roma
Il Santo Padre ha ricevuto ieri in udienza privata il Cardinale Segretario di Stato, che si è intrattenuto a lungo colla Santità Sua sopra varie questioni di interesse generale. Dopo l'udienza il Cardinale ha ricevuto i rappresentanti diplomatici presso la Santa Sede e numerose personalità ecclesiastiche e laiche giunte a Roma per le feste giubilari. La cerimonia si svolgerà domani nella Basilica alla presenza di un grande concorso di fedeli provenienti da ogni parte d'Italia e dall'estero; si prevede un afflusso eccezionale di pellegrini. Le autorità hanno preso tutte le disposizioni necessarie per il mantenimento dell'ordine pubblico, e numerosi agenti sono stati dislocati lungo le vie principali della città. Nella giornata di ieri si sono verificati gravi incidenti nelle campagne fra contadini e proprietari; le forze dell'ordine sono intervenute e la calma è stata ristabilita dopo alcune ore. Il prefetto ha convocato i rappresentanti delle organizzazioni per trovare una soluzione alla vertenza agraria che da alcune settimane tiene in agitazione l'intera provincia. Un violentissimo temporale si è abbattuto ieri sera sulla regione causando danni rilevanti alle colture e alle abitazioni; la grandine ha distrutto gran parte del raccolto dei vigneti. Il treno diretto proveniente da Milano ha dovuto sostare per oltre due ore a causa dell'interruzione della linea provocata dalla caduta di alcuni alberi.
Le elezioni dell'Unione elettorale cattolica
Il Santo Padre ha ricevuto ieri in udienza privata il Cardinale Segretario di Stato, che si è intrattenuto a lungo colla Santità Sua sopra varie questioni di interesse generale. Dopo l'udienza il Cardinale ha ricevuto i rappresentanti diplomatici presso la Santa Sede e numerose personalità ecclesiastiche e laiche giunte a Roma per le feste giubilari. La cerimonia si svolgerà domani nella Basilica alla presenza di un grande concorso di fedeli provenienti da ogni parte d'Italia e dall'estero; si prevede un afflusso eccezionale di pellegrini. Le autorità hanno preso tutte le disposizioni necessarie per il mantenimento dell'ordine pubblico, e numerosi agenti sono stati dislocati lungo le vie principali della città. Nella giornata di ieri si sono verificati gravi incidenti nelle campagne fra contadini e proprietari; le forze dell'ordine sono intervenute e la calma è stata ristabilita dopo alcune ore. Il prefetto ha convocato i rappresentanti delle organizzazioni per trovare una soluzione alla vertenza agraria che da alcune settimane tiene in agitazione l'intera provincia. Un violentissimo temporale si è abbattuto ieri sera sulla regione causando danni rilevanti alle colture e alle abitazioni; la grandine ha distrutto gran parte del raccolto dei vigneti. Il treno diretto proveniente da Milano ha dovuto sostare per oltre due ore a causa dell'interruzione della linea provocata dalla caduta di alcuni alberi.
Conferenza femminile
Il Santo Padre ha ricevuto ieri in udienza privata il Cardinale Segretario di Stato, che si è intrattenuto a lungo colla Santità Sua sopra varie questioni di interesse generale. Dopo l'udienza il Cardinale ha ricevuto i rappresentanti diplomatici presso la Santa Sede e numerose personalità ecclesiastiche e laiche giunte a Roma per le feste giubilari. La cerimonia si svolgerà domani nella Basilica alla presenza di un grande concorso di fedeli provenienti da ogni parte d'Italia e dall'estero; si prevede un afflusso eccezionale di pellegrini. Le autorità hanno preso tutte le disposizioni necessarie per il mantenimento dell'ordine pubblico, e numerosi agenti sono stati dislocati lungo le vie principali della città. Nella giornata di ieri si sono verificati gravi incidenti nelle campagne fra contadini e proprietari; le forze dell'ordine sono intervenute e la calma è stata ristabilita dopo alcune ore. Il prefetto ha convocato i rappresentanti delle organizzazioni per trovare una soluzione alla vertenza agraria che da alcune settimane tiene in agitazione l'intera provincia. Un violentissimo temporale si è abbattuto ieri sera sulla regione causando danni rilevanti alle colture e alle abitazioni; la grandine ha distrutto gran parte del raccolto dei vigneti. Il treno diretto proveniente da Milano ha dovuto sostare per oltre due ore a causa dell'interruzione della linea provocata dalla caduta di alcuni alberi.
NUPTIALIA
Il Santo Padre ha ricevuto ieri in udienza privata il Cardinale Segretario di Stato, che si è intrattenuto a lungo colla Santità Sua sopra varie questioni di interesse generale. Dopo l'udienza il Cardinale ha ricevuto i rappresentanti diplomatici presso la Santa Sede e numerose personalità ecclesiastiche e laiche giunte a Roma per le feste giubilari. La cerimonia si svolgerà domani nella Basilica alla presenza di un grande concorso di fedeli provenienti da ogni parte d'Italia e dall'estero; si prevede un afflusso eccezionale di pellegrini. Le autorità hanno preso tutte le disposizioni necessarie per il mantenimento dell'ordine pubblico, e numerosi agenti sono stati dislocati lungo le vie principali della città. Nella giornata di ieri si sono verificati gravi incidenti nelle campagne fra contadini e proprietari; le forze dell'ordine sono intervenute e la calma è stata ristabilita dopo alcune ore. Il prefetto ha convocato i rappresentanti delle organizzazioni per trovare una soluzione alla vertenza agraria che da alcune settimane tiene in agitazione l'intera provincia. Un violentissimo temporale si è abbattuto ieri sera sulla regione causando danni rilevanti alle colture e alle abitazioni; la grandine ha distrutto gran parte del raccolto dei vigneti. Il treno diretto proveniente da Milano ha dovuto sostare per oltre due ore a causa dell'interruzione della linea provocata dalla caduta di alcuni alberi.
Vita Amministrativa
Il voto al Consiglio Provinciale
Il Santo Padre ha ricevuto ieri in udienza privata il Cardinale Segretario di Stato, che si è intrattenuto a lungo colla Santità Sua sopra varie questioni di interesse generale. Dopo l'udienza il Cardinale ha ricevuto i rappresentanti diplomatici presso la Santa Sede e numerose personalità ecclesiastiche e laiche giunte a Roma per le feste giubilari. La cerimonia si svolgerà domani nella Basilica alla presenza di un grande concorso di fedeli provenienti da ogni parte d'Italia e dall'estero; si prevede un afflusso eccezionale di pellegrini. Le autorità hanno preso tutte le disposizioni necessarie per il mantenimento dell'ordine pubblico, e numerosi agenti sono stati dislocati lungo le vie principali della città. Nella giornata di ieri si sono verificati gravi incidenti nelle campagne fra contadini e proprietari; le forze dell'ordine sono intervenute e la calma è stata ristabilita dopo alcune ore. Il prefetto ha convocato i rappresentanti delle organizzazioni per trovare una soluzione alla vertenza agraria che da alcune settimane tiene in agitazione l'intera provincia. Un violentissimo temporale si è abbattuto ieri sera sulla regione causando danni rilevanti alle colture e alle abitazioni; la grandine ha distrutto gran parte del raccolto dei vigneti. Il treno diretto proveniente da Milano ha dovuto sostare per oltre due ore a causa dell'interruzione della linea provocata dalla caduta di alcuni alberi.
Domani cominceremo la pubblicazione del nuovo ed interessantissimo romanzo
la fiamma rossa
Racconto di M. d'Esclaireth
versione dal tedesco
che sarà seguito dall'altro interessante, giunto ormai alla fine
« Il Naufragio di Leonora ».
SPORT
La grande gara ciclistica nazionale
Circuito di Romagna
Il Santo Padre ha ricevuto ieri in udienza privata il Cardinale Segretario di Stato, che si è intrattenuto a lungo colla Santità Sua sopra varie questioni di interesse generale. Dopo l'udienza il Cardinale ha ricevuto i rappresentanti diplomatici presso la Santa Sede e numerose personalità ecclesiastiche e laiche giunte a Roma per le feste giubilari. La cerimonia si svolgerà domani nella Basilica alla presenza di un grande concorso di fedeli provenienti da ogni parte d'Italia e dall'estero; si prevede un afflusso eccezionale di pellegrini. Le autorità hanno preso tutte le disposizioni necessarie per il mantenimento dell'ordine pubblico, e numerosi agenti sono stati dislocati lungo le vie principali della città. Nella giornata di ieri si sono verificati gravi incidenti nelle campagne fra contadini e proprietari; le forze dell'ordine sono intervenute e la calma è stata ristabilita dopo alcune ore. Il prefetto ha convocato i rappresentanti delle organizzazioni per trovare una soluzione alla vertenza agraria che da alcune settimane tiene in agitazione l'intera provincia. Un violentissimo temporale si è abbattuto ieri sera sulla regione causando danni rilevanti alle colture e alle abitazioni; la grandine ha distrutto gran parte del raccolto dei vigneti. Il treno diretto proveniente da Milano ha dovuto sostare per oltre due ore a causa dell'interruzione della linea provocata dalla caduta di alcuni alberi.
Secondo convegno ciclistico internazionale a Viareggio
Il Santo Padre ha ricevuto ieri in udienza privata il Cardinale Segretario di Stato, che si è intrattenuto a lungo colla Santità Sua sopra varie questioni di interesse generale. Dopo l'udienza il Cardinale ha ricevuto i rappresentanti diplomatici presso la Santa Sede e numerose personalità ecclesiastiche e laiche giunte a Roma per le feste giubilari. La cerimonia si svolgerà domani nella Basilica alla presenza di un grande concorso di fedeli provenienti da ogni parte d'Italia e dall'estero; si prevede un afflusso eccezionale di pellegrini. Le autorità hanno preso tutte le disposizioni necessarie per il mantenimento dell'ordine pubblico, e numerosi agenti sono stati dislocati lungo le vie principali della città. Nella giornata di ieri si sono verificati gravi incidenti nelle campagne fra contadini e proprietari; le forze dell'ordine sono intervenute e la calma è stata ristabilita dopo alcune ore. Il prefetto ha convocato i rappresentanti delle organizzazioni per trovare una soluzione alla vertenza agraria che da alcune settimane tiene in agitazione l'intera provincia. Un violentissimo temporale si è abbattuto ieri sera sulla regione causando danni rilevanti alle colture e alle abitazioni; la grandine ha distrutto gran parte del raccolto dei vigneti. Il treno diretto proveniente da Milano ha dovuto sostare per oltre due ore a causa dell'interruzione della linea provocata dalla caduta di alcuni alberi.
I giuochi olimpici a Londra
Il Santo Padre ha ricevuto ieri in udienza privata il Cardinale Segretario di Stato, che si è intrattenuto a lungo colla Santità Sua sopra varie questioni di interesse generale. Dopo l'udienza il Cardinale ha ricevuto i rappresentanti diplomatici presso la Santa Sede e numerose personalità ecclesiastiche e laiche giunte a Roma per le feste giubilari. La cerimonia si svolgerà domani nella Basilica alla presenza di un grande concorso di fedeli provenienti da ogni parte d'Italia e dall'estero; si prevede un afflusso eccezionale di pellegrini. Le autorità hanno preso tutte le disposizioni necessarie per il mantenimento dell'ordine pubblico, e numerosi agenti sono stati dislocati lungo le vie principali della città. Nella giornata di ieri si sono verificati gravi incidenti nelle campagne fra contadini e proprietari; le forze dell'ordine sono intervenute e la calma è stata ristabilita dopo alcune ore. Il prefetto ha convocato i rappresentanti delle organizzazioni per trovare una soluzione alla vertenza agraria che da alcune settimane tiene in agitazione l'intera provincia. Un violentissimo temporale si è abbattuto ieri sera sulla regione causando danni rilevanti alle colture e alle abitazioni; la grandine ha distrutto gran parte del raccolto dei vigneti. Il treno diretto proveniente da Milano ha dovuto sostare per oltre due ore a causa dell'interruzione della linea provocata dalla caduta di alcuni alberi.
Un pranzo offerto agli atleti
Il Santo Padre ha ricevuto ieri in udienza privata il Cardinale Segretario di Stato, che si è intrattenuto a lungo colla Santità Sua sopra varie questioni di interesse generale. Dopo l'udienza il Cardinale ha ricevuto i rappresentanti diplomatici presso la Santa Sede e numerose personalità ecclesiastiche e laiche giunte a Roma per le feste giubilari. La cerimonia si svolgerà domani nella Basilica alla presenza di un grande concorso di fedeli provenienti da ogni parte d'Italia e dall'estero; si prevede un afflusso eccezionale di pellegrini. Le autorità hanno preso tutte le disposizioni necessarie per il mantenimento dell'ordine pubblico, e numerosi agenti sono stati dislocati lungo le vie principali della città. Nella giornata di ieri si sono verificati gravi incidenti nelle campagne fra contadini e proprietari; le forze dell'ordine sono intervenute e la calma è stata ristabilita dopo alcune ore. Il prefetto ha convocato i rappresentanti delle organizzazioni per trovare una soluzione alla vertenza agraria che da alcune settimane tiene in agitazione l'intera provincia. Un violentissimo temporale si è abbattuto ieri sera sulla regione causando danni rilevanti alle colture e alle abitazioni; la grandine ha distrutto gran parte del raccolto dei vigneti. Il treno diretto proveniente da Milano ha dovuto sostare per oltre due ore a causa dell'interruzione della linea provocata dalla caduta di alcuni alberi.
